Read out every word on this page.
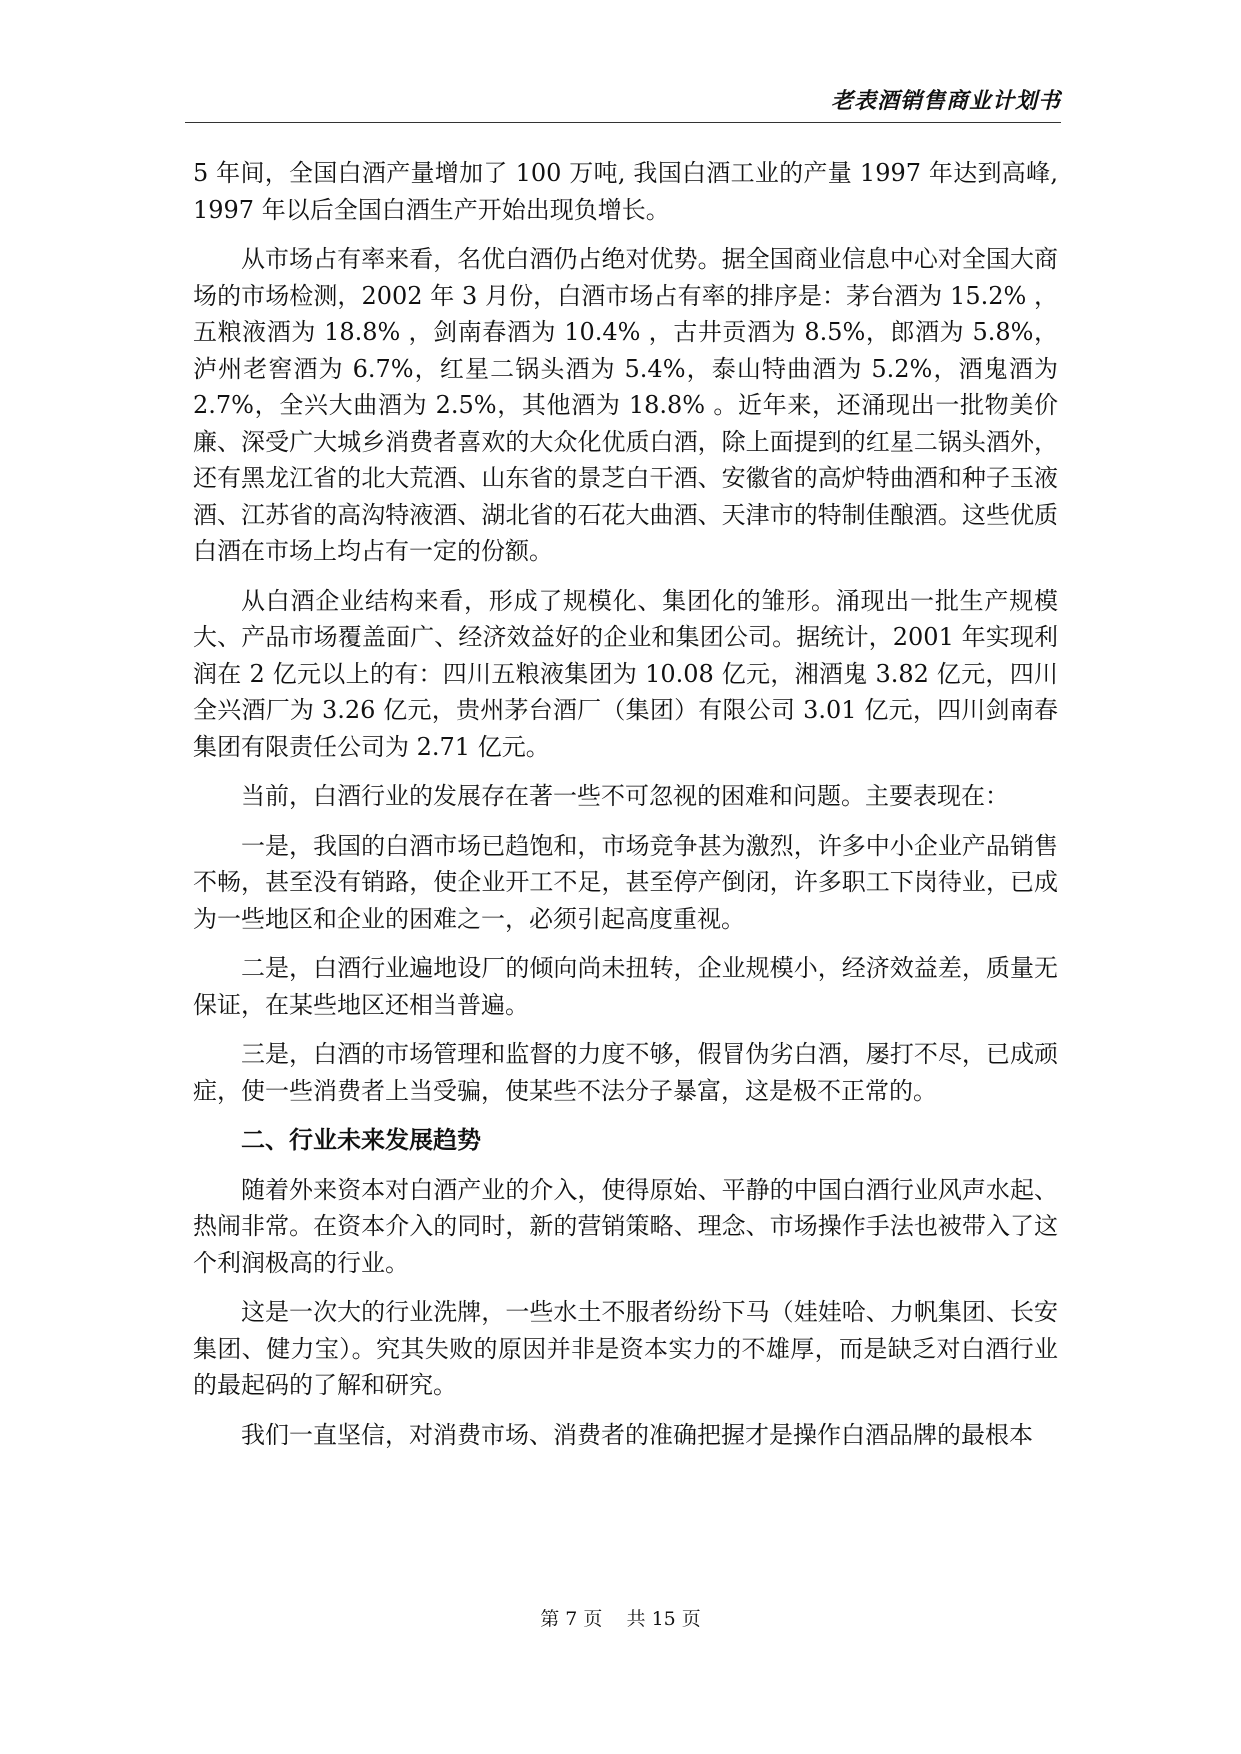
老表酒销售商业计划书

5 年间，全国白酒产量增加了 100 万吨, 我国白酒工业的产量 1997 年达到高峰, 1997 年以后全国白酒生产开始出现负增长。

从市场占有率来看，名优白酒仍占绝对优势。据全国商业信息中心对全国大商场的市场检测，2002 年 3 月份，白酒市场占有率的排序是：茅台酒为 15.2% ，五粮液酒为 18.8% ，剑南春酒为 10.4% ，古井贡酒为 8.5%，郎酒为 5.8%，泸州老窖酒为 6.7%，红星二锅头酒为 5.4%，泰山特曲酒为 5.2%，酒鬼酒为 2.7%，全兴大曲酒为 2.5%，其他酒为 18.8% 。近年来，还涌现出一批物美价廉、深受广大城乡消费者喜欢的大众化优质白酒，除上面提到的红星二锅头酒外，还有黑龙江省的北大荒酒、山东省的景芝白干酒、安徽省的高炉特曲酒和种子玉液酒、江苏省的高沟特液酒、湖北省的石花大曲酒、天津市的特制佳酿酒。这些优质白酒在市场上均占有一定的份额。

从白酒企业结构来看，形成了规模化、集团化的雏形。涌现出一批生产规模大、产品市场覆盖面广、经济效益好的企业和集团公司。据统计，2001 年实现利润在 2 亿元以上的有：四川五粮液集团为 10.08 亿元，湘酒鬼 3.82 亿元，四川全兴酒厂为 3.26 亿元，贵州茅台酒厂（集团）有限公司 3.01 亿元，四川剑南春集团有限责任公司为 2.71 亿元。

当前，白酒行业的发展存在著一些不可忽视的困难和问题。主要表现在：

一是，我国的白酒市场已趋饱和，市场竞争甚为激烈，许多中小企业产品销售不畅，甚至没有销路，使企业开工不足，甚至停产倒闭，许多职工下岗待业，已成为一些地区和企业的困难之一，必须引起高度重视。

二是，白酒行业遍地设厂的倾向尚未扭转，企业规模小，经济效益差，质量无保证，在某些地区还相当普遍。

三是，白酒的市场管理和监督的力度不够，假冒伪劣白酒，屡打不尽，已成顽症，使一些消费者上当受骗，使某些不法分子暴富，这是极不正常的。

二、行业未来发展趋势

随着外来资本对白酒产业的介入，使得原始、平静的中国白酒行业风声水起、热闹非常。在资本介入的同时，新的营销策略、理念、市场操作手法也被带入了这个利润极高的行业。

这是一次大的行业洗牌，一些水土不服者纷纷下马（娃娃哈、力帆集团、长安集团、健力宝）。究其失败的原因并非是资本实力的不雄厚，而是缺乏对白酒行业的最起码的了解和研究。

我们一直坚信，对消费市场、消费者的准确把握才是操作白酒品牌的最根本

第 7 页    共 15 页
